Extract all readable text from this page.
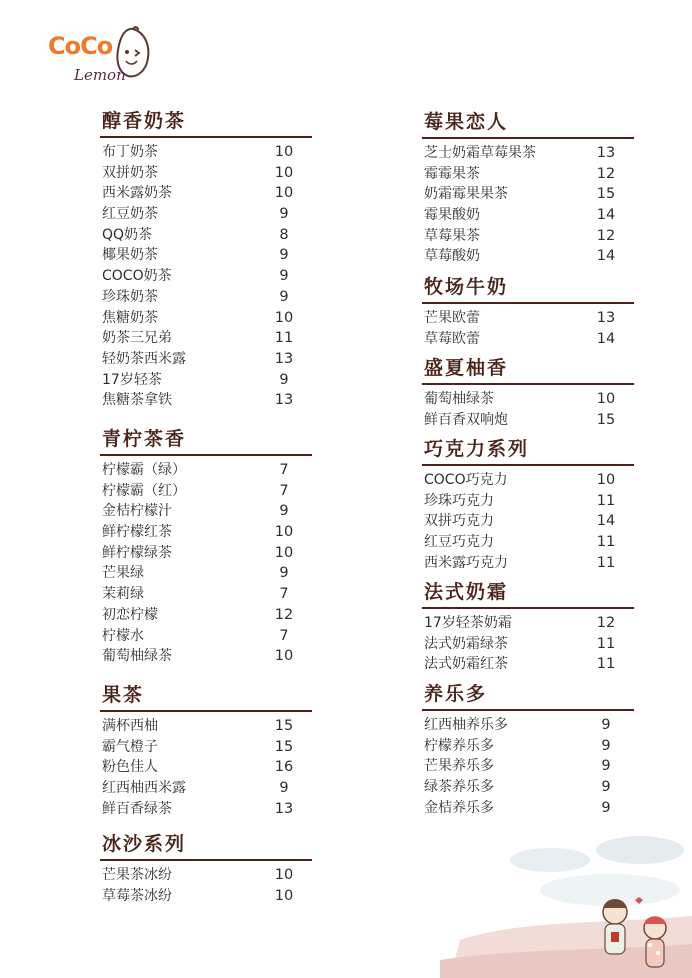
CoCo
Lemon
醇香奶茶
布丁奶茶	10
双拼奶茶	10
西米露奶茶	10
红豆奶茶	9
QQ奶茶	8
椰果奶茶	9
COCO奶茶	9
珍珠奶茶	9
焦糖奶茶	10
奶茶三兄弟	11
轻奶茶西米露	13
17岁轻茶	9
焦糖茶拿铁	13
青柠茶香
柠檬霸（绿）	7
柠檬霸（红）	7
金桔柠檬汁	9
鲜柠檬红茶	10
鲜柠檬绿茶	10
芒果绿	9
茉莉绿	7
初恋柠檬	12
柠檬水	7
葡萄柚绿茶	10
果茶
满杯西柚	15
霸气橙子	15
粉色佳人	16
红西柚西米露	9
鲜百香绿茶	13
冰沙系列
芒果茶冰纷	10
草莓茶冰纷	10
莓果恋人
芝士奶霜草莓果茶	13
霉霉果茶	12
奶霜霉果果茶	15
霉果酸奶	14
草莓果茶	12
草莓酸奶	14
牧场牛奶
芒果欧蕾	13
草莓欧蕾	14
盛夏柚香
葡萄柚绿茶	10
鲜百香双响炮	15
巧克力系列
COCO巧克力	10
珍珠巧克力	11
双拼巧克力	14
红豆巧克力	11
西米露巧克力	11
法式奶霜
17岁轻茶奶霜	12
法式奶霜绿茶	11
法式奶霜红茶	11
养乐多
红西柚养乐多	9
柠檬养乐多	9
芒果养乐多	9
绿茶养乐多	9
金桔养乐多	9
